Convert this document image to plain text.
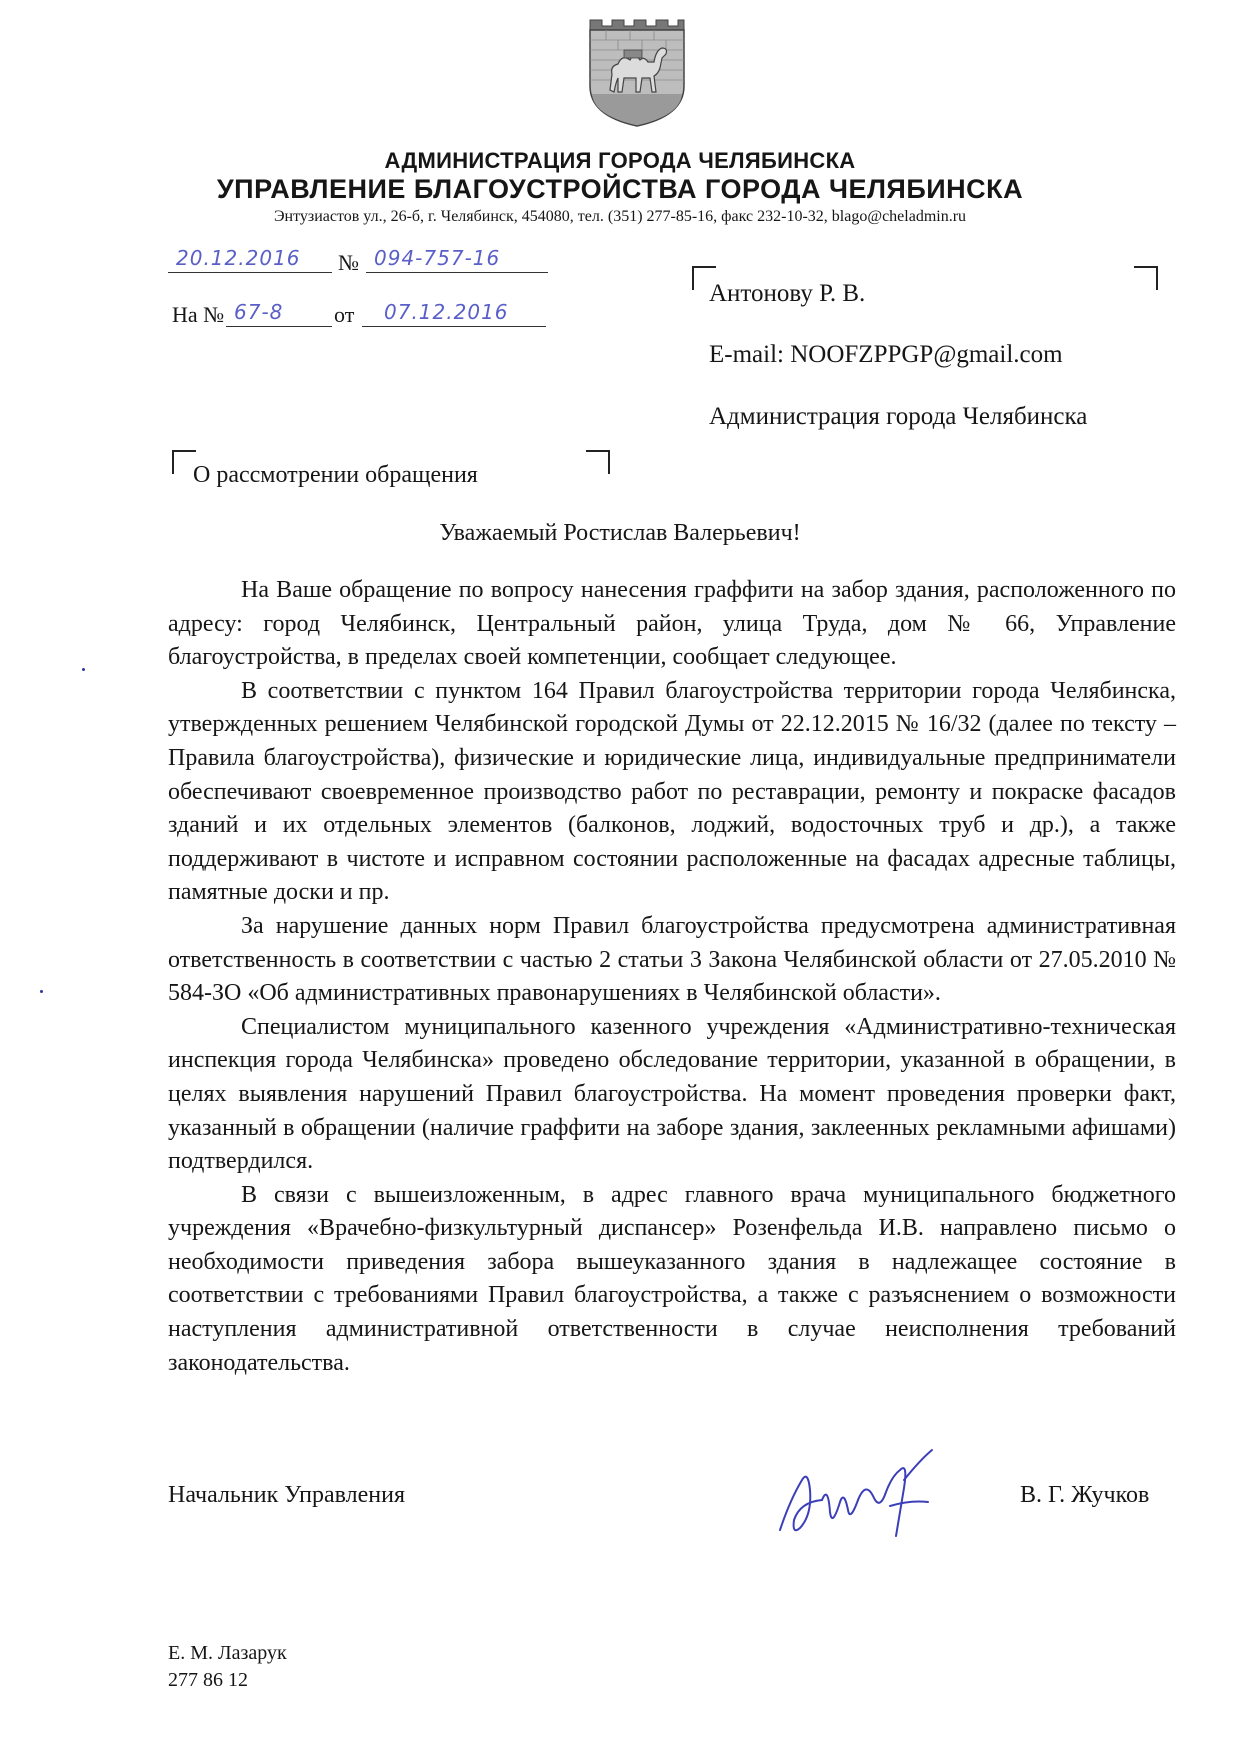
АДМИНИСТРАЦИЯ ГОРОДА ЧЕЛЯБИНСКА
УПРАВЛЕНИЕ БЛАГОУСТРОЙСТВА ГОРОДА ЧЕЛЯБИНСКА
Энтузиастов ул., 26-б, г. Челябинск, 454080, тел. (351) 277-85-16, факс 232-10-32, blago@cheladmin.ru
20.12.2016 № 094-757-16
На № 67-8 от 07.12.2016
Антонову Р. В.
E-mail: NOOFZPPGP@gmail.com
Администрация города Челябинска
О рассмотрении обращения
Уважаемый Ростислав Валерьевич!

На Ваше обращение по вопросу нанесения граффити на забор здания, расположенного по адресу: город Челябинск, Центральный район, улица Труда, дом № 66, Управление благоустройства, в пределах своей компетенции, сообщает следующее.

В соответствии с пунктом 164 Правил благоустройства территории города Челябинска, утвержденных решением Челябинской городской Думы от 22.12.2015 № 16/32 (далее по тексту – Правила благоустройства), физические и юридические лица, индивидуальные предприниматели обеспечивают своевременное производство работ по реставрации, ремонту и покраске фасадов зданий и их отдельных элементов (балконов, лоджий, водосточных труб и др.), а также поддерживают в чистоте и исправном состоянии расположенные на фасадах адресные таблицы, памятные доски и пр.

За нарушение данных норм Правил благоустройства предусмотрена административная ответственность в соответствии с частью 2 статьи 3 Закона Челябинской области от 27.05.2010 № 584-ЗО «Об административных правонарушениях в Челябинской области».

Специалистом муниципального казенного учреждения «Административно-техническая инспекция города Челябинска» проведено обследование территории, указанной в обращении, в целях выявления нарушений Правил благоустройства. На момент проведения проверки факт, указанный в обращении (наличие граффити на заборе здания, заклеенных рекламными афишами) подтвердился.

В связи с вышеизложенным, в адрес главного врача муниципального бюджетного учреждения «Врачебно-физкультурный диспансер» Розенфельда И.В. направлено письмо о необходимости приведения забора вышеуказанного здания в надлежащее состояние в соответствии с требованиями Правил благоустройства, а также с разъяснением о возможности наступления административной ответственности в случае неисполнения требований законодательства.

Начальник Управления	В. Г. Жучков
Е. М. Лазарук
277 86 12
